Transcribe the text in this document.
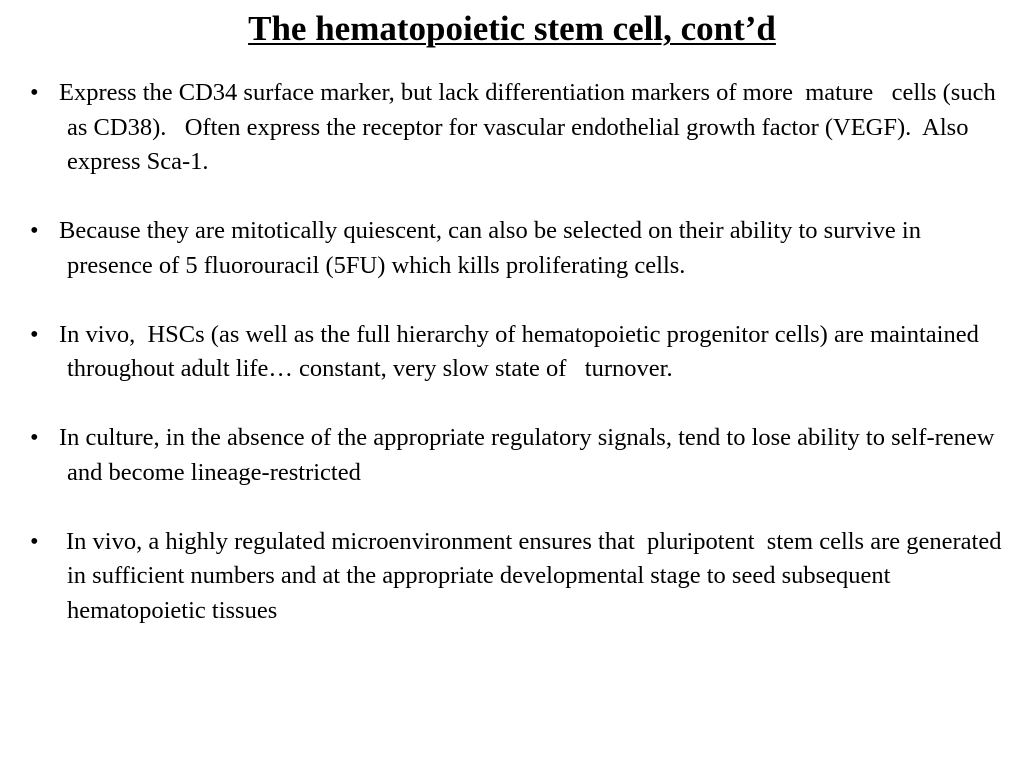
The hematopoietic stem cell, cont’d
• Express the CD34 surface marker, but lack differentiation markers of more  mature   cells (such as CD38).   Often express the receptor for vascular endothelial growth factor (VEGF).  Also express Sca-1.
• Because they are mitotically quiescent, can also be selected on their ability to survive in presence of 5 fluorouracil (5FU) which kills proliferating cells.
• In vivo,  HSCs (as well as the full hierarchy of hematopoietic progenitor cells) are maintained throughout adult life… constant, very slow state of   turnover.
• In culture, in the absence of the appropriate regulatory signals, tend to lose ability to self-renew and become lineage-restricted
•	In vivo, a highly regulated microenvironment ensures that  pluripotent  stem cells are generated in sufficient numbers and at the appropriate developmental stage to seed subsequent hematopoietic tissues
